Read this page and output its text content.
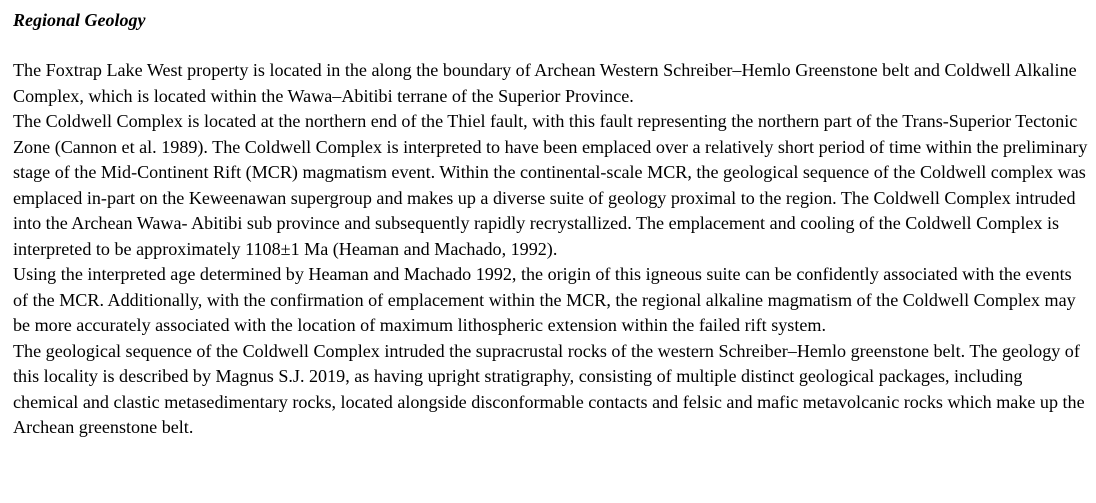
Regional Geology

The Foxtrap Lake West property is located in the along the boundary of Archean Western Schreiber–Hemlo Greenstone belt and Coldwell Alkaline Complex, which is located within the Wawa–Abitibi terrane of the Superior Province.

The Coldwell Complex is located at the northern end of the Thiel fault, with this fault representing the northern part of the Trans-Superior Tectonic Zone (Cannon et al. 1989). The Coldwell Complex is interpreted to have been emplaced over a relatively short period of time within the preliminary stage of the Mid-Continent Rift (MCR) magmatism event. Within the continental-scale MCR, the geological sequence of the Coldwell complex was emplaced in-part on the Keweenawan supergroup and makes up a diverse suite of geology proximal to the region. The Coldwell Complex intruded into the Archean Wawa- Abitibi sub province and subsequently rapidly recrystallized. The emplacement and cooling of the Coldwell Complex is interpreted to be approximately 1108±1 Ma (Heaman and Machado, 1992).

Using the interpreted age determined by Heaman and Machado 1992, the origin of this igneous suite can be confidently associated with the events of the MCR. Additionally, with the confirmation of emplacement within the MCR, the regional alkaline magmatism of the Coldwell Complex may be more accurately associated with the location of maximum lithospheric extension within the failed rift system.

The geological sequence of the Coldwell Complex intruded the supracrustal rocks of the western Schreiber–Hemlo greenstone belt. The geology of this locality is described by Magnus S.J. 2019, as having upright stratigraphy, consisting of multiple distinct geological packages, including chemical and clastic metasedimentary rocks, located alongside disconformable contacts and felsic and mafic metavolcanic rocks which make up the Archean greenstone belt.
